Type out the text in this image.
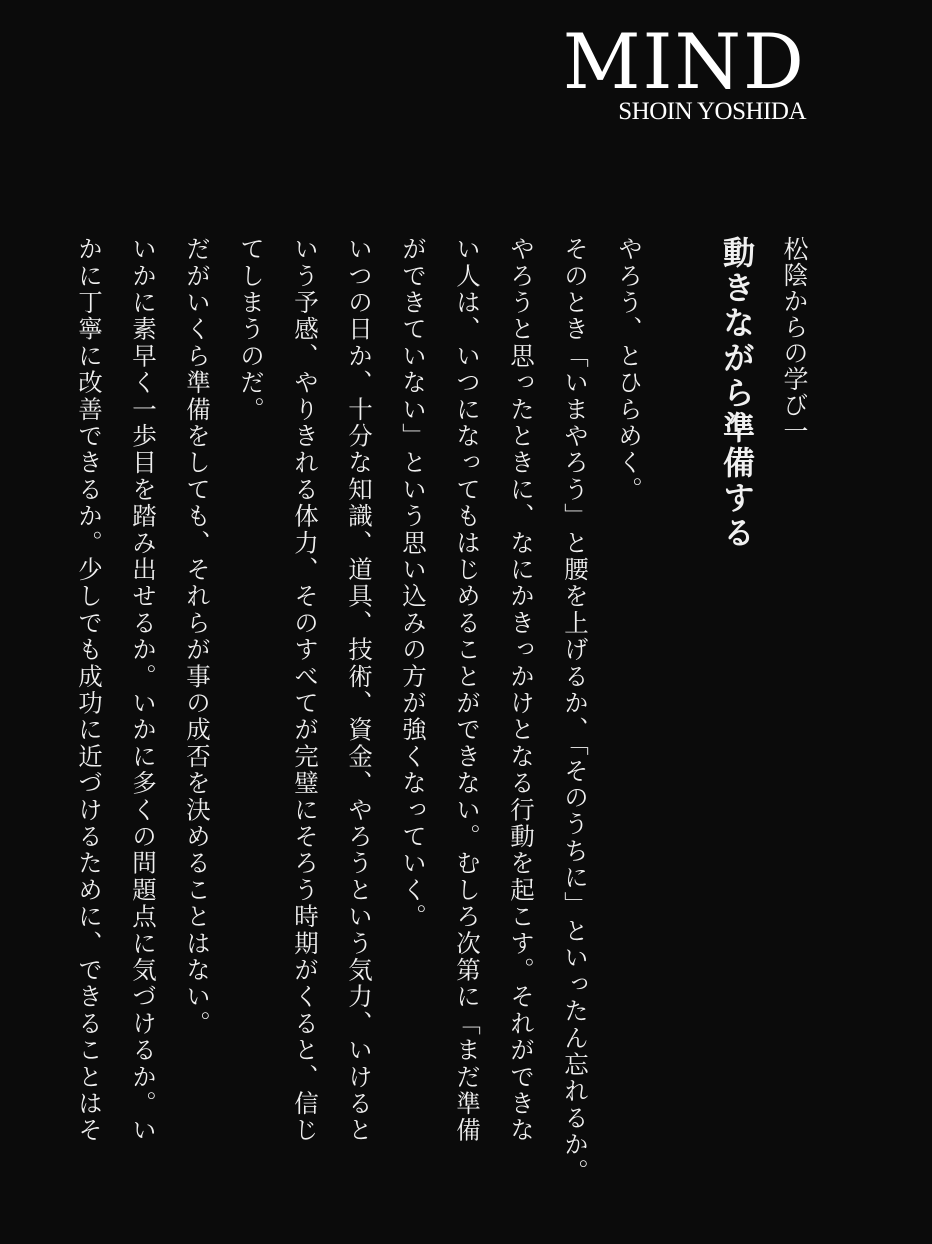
MIND
SHOIN YOSHIDA
松陰からの学び一
動きながら準備する
やろう、とひらめく。
そのとき「いまやろう」と腰を上げるか、「そのうちに」といったん忘れるか。
やろうと思ったときに、なにかきっかけとなる行動を起こす。それができな
い人は、いつになってもはじめることができない。むしろ次第に「まだ準備
ができていない」という思い込みの方が強くなっていく。
いつの日か、十分な知識、道具、技術、資金、やろうという気力、いけると
いう予感、やりきれる体力、そのすべてが完璧にそろう時期がくると、信じ
てしまうのだ。
だがいくら準備をしても、それらが事の成否を決めることはない。
いかに素早く一歩目を踏み出せるか。いかに多くの問題点に気づけるか。い
かに丁寧に改善できるか。少しでも成功に近づけるために、できることはそ
